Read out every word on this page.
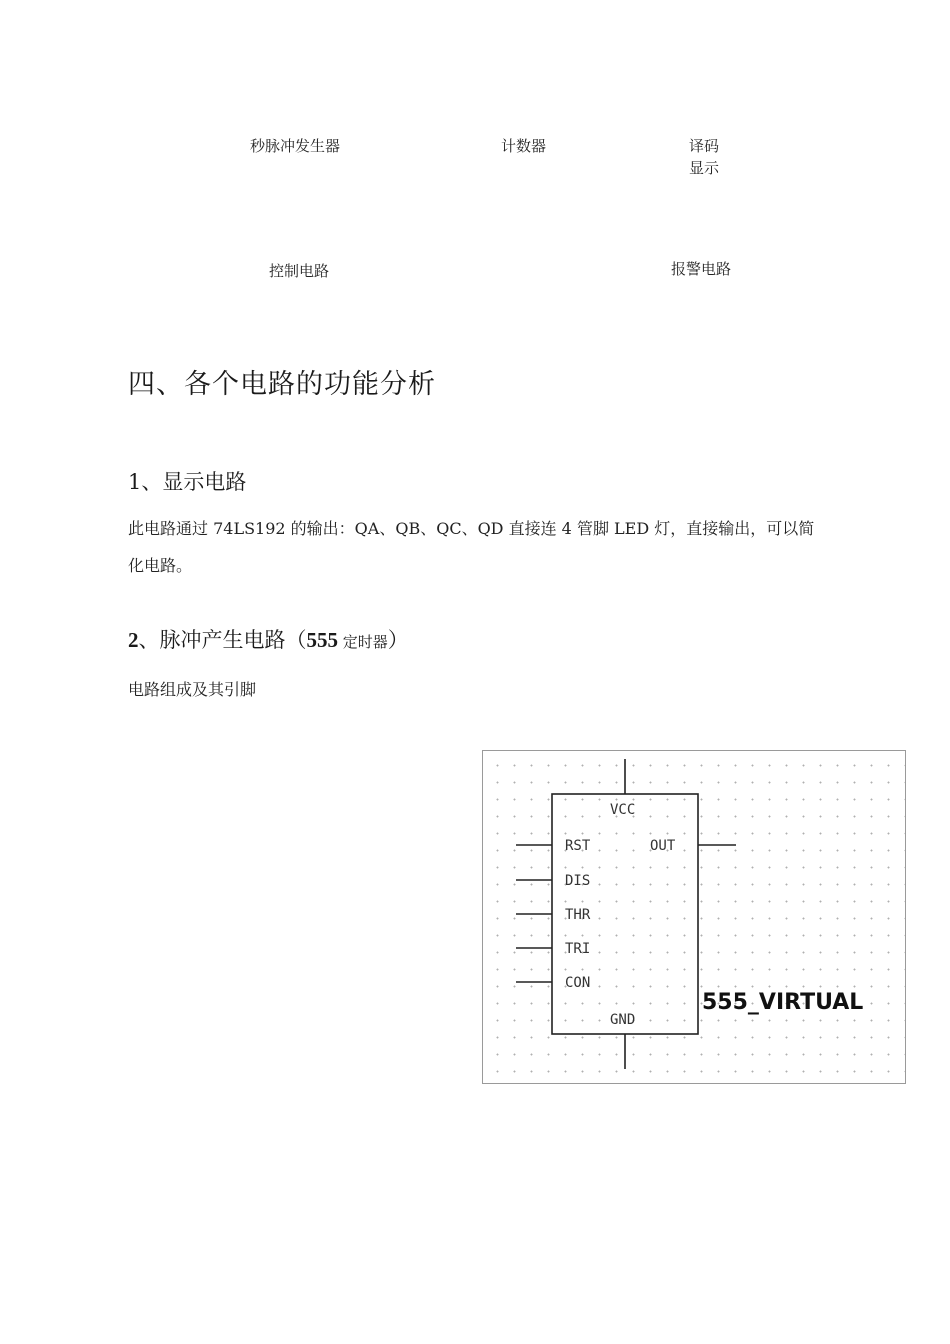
秒脉冲发生器	计数器	译码
显示
控制电路	报警电路
四、各个电路的功能分析
1、显示电路
此电路通过 74LS192 的输出：QA、QB、QC、QD 直接连 4 管脚 LED 灯，直接输出，可以简
化电路。
2、脉冲产生电路（555 定时器）
电路组成及其引脚
VCC
RST	OUT
DIS
THR
TRI
CON
GND
555_VIRTUAL
